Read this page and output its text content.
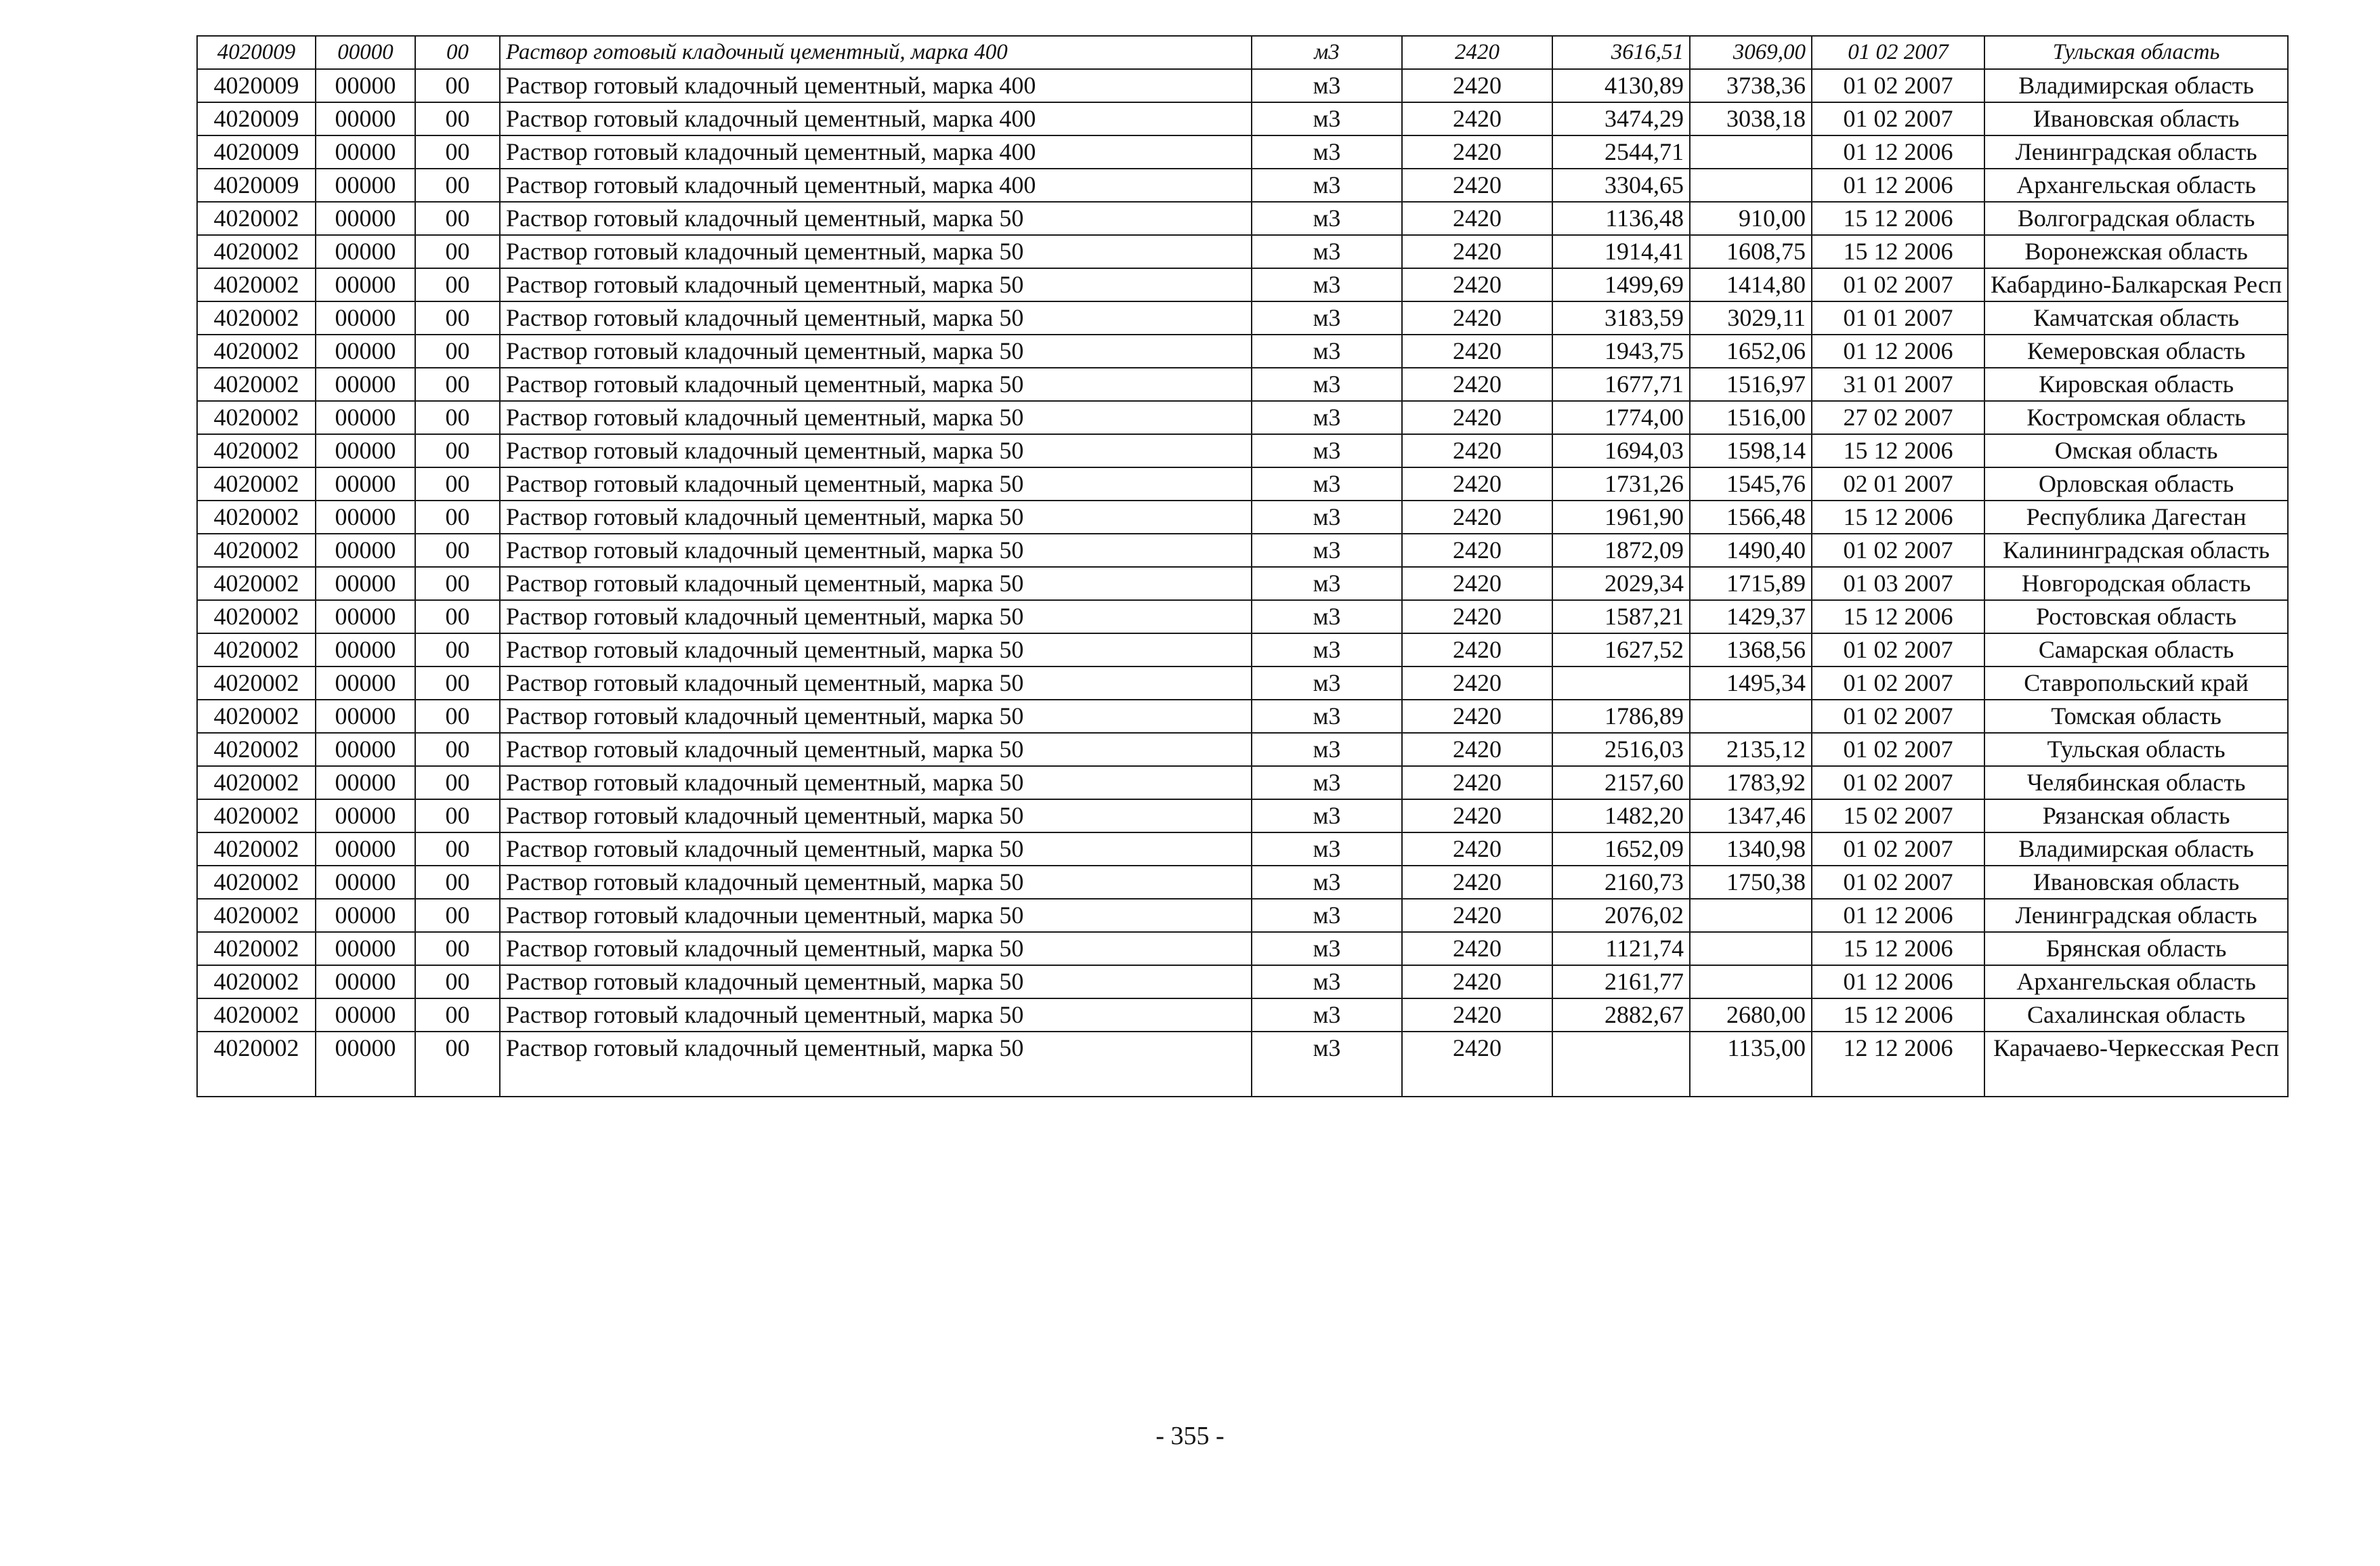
4020009	00000	00	Раствор готовый кладочный цементный, марка 400	м3	2420	3616,51	3069,00	01 02 2007	Тульская область
4020009	00000	00	Раствор готовый кладочный цементный, марка 400	м3	2420	4130,89	3738,36	01 02 2007	Владимирская область
4020009	00000	00	Раствор готовый кладочный цементный, марка 400	м3	2420	3474,29	3038,18	01 02 2007	Ивановская область
4020009	00000	00	Раствор готовый кладочный цементный, марка 400	м3	2420	2544,71		01 12 2006	Ленинградская область
4020009	00000	00	Раствор готовый кладочный цементный, марка 400	м3	2420	3304,65		01 12 2006	Архангельская область
4020002	00000	00	Раствор готовый кладочный цементный, марка 50	м3	2420	1136,48	910,00	15 12 2006	Волгоградская область
4020002	00000	00	Раствор готовый кладочный цементный, марка 50	м3	2420	1914,41	1608,75	15 12 2006	Воронежская область
4020002	00000	00	Раствор готовый кладочный цементный, марка 50	м3	2420	1499,69	1414,80	01 02 2007	Кабардино-Балкарская Респ
4020002	00000	00	Раствор готовый кладочный цементный, марка 50	м3	2420	3183,59	3029,11	01 01 2007	Камчатская область
4020002	00000	00	Раствор готовый кладочный цементный, марка 50	м3	2420	1943,75	1652,06	01 12 2006	Кемеровская область
4020002	00000	00	Раствор готовый кладочный цементный, марка 50	м3	2420	1677,71	1516,97	31 01 2007	Кировская область
4020002	00000	00	Раствор готовый кладочный цементный, марка 50	м3	2420	1774,00	1516,00	27 02 2007	Костромская область
4020002	00000	00	Раствор готовый кладочный цементный, марка 50	м3	2420	1694,03	1598,14	15 12 2006	Омская область
4020002	00000	00	Раствор готовый кладочный цементный, марка 50	м3	2420	1731,26	1545,76	02 01 2007	Орловская область
4020002	00000	00	Раствор готовый кладочный цементный, марка 50	м3	2420	1961,90	1566,48	15 12 2006	Республика Дагестан
4020002	00000	00	Раствор готовый кладочный цементный, марка 50	м3	2420	1872,09	1490,40	01 02 2007	Калининградская область
4020002	00000	00	Раствор готовый кладочный цементный, марка 50	м3	2420	2029,34	1715,89	01 03 2007	Новгородская область
4020002	00000	00	Раствор готовый кладочный цементный, марка 50	м3	2420	1587,21	1429,37	15 12 2006	Ростовская область
4020002	00000	00	Раствор готовый кладочный цементный, марка 50	м3	2420	1627,52	1368,56	01 02 2007	Самарская область
4020002	00000	00	Раствор готовый кладочный цементный, марка 50	м3	2420		1495,34	01 02 2007	Ставропольский край
4020002	00000	00	Раствор готовый кладочный цементный, марка 50	м3	2420	1786,89		01 02 2007	Томская область
4020002	00000	00	Раствор готовый кладочный цементный, марка 50	м3	2420	2516,03	2135,12	01 02 2007	Тульская область
4020002	00000	00	Раствор готовый кладочный цементный, марка 50	м3	2420	2157,60	1783,92	01 02 2007	Челябинская область
4020002	00000	00	Раствор готовый кладочный цементный, марка 50	м3	2420	1482,20	1347,46	15 02 2007	Рязанская область
4020002	00000	00	Раствор готовый кладочный цементный, марка 50	м3	2420	1652,09	1340,98	01 02 2007	Владимирская область
4020002	00000	00	Раствор готовый кладочный цементный, марка 50	м3	2420	2160,73	1750,38	01 02 2007	Ивановская область
4020002	00000	00	Раствор готовый кладочныи цементный, марка 50	м3	2420	2076,02		01 12 2006	Ленинградская область
4020002	00000	00	Раствор готовый кладочный цементный, марка 50	м3	2420	1121,74		15 12 2006	Брянская область
4020002	00000	00	Раствор готовый кладочный цементный, марка 50	м3	2420	2161,77		01 12 2006	Архангельская область
4020002	00000	00	Раствор готовый кладочный цементный, марка 50	м3	2420	2882,67	2680,00	15 12 2006	Сахалинская область
4020002	00000	00	Раствор готовый кладочный цементный, марка 50	м3	2420		1135,00	12 12 2006	Карачаево-Черкесская Респ
- 355 -
